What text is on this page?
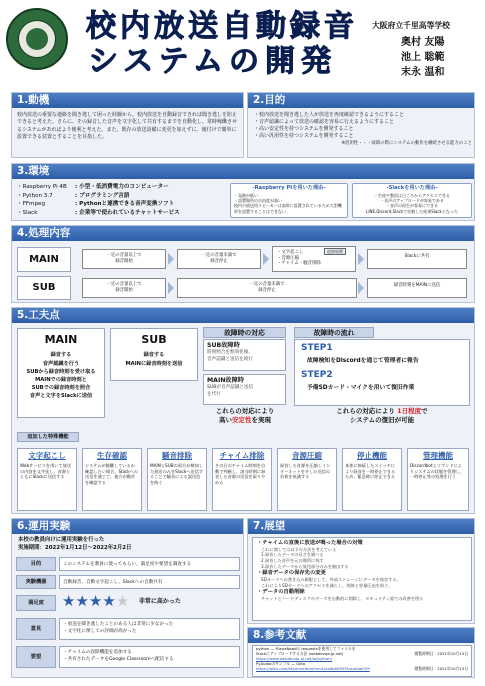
校内放送自動録音
システムの開発
大阪府立千里高等学校
奥村 友陽
池上 聡範
末永 温和
1.動機
校内放送の重要な連絡を聞き逃して困った経験から、校内放送を自動録音できれば聞き逃しを防止できると考えた。さらに、その録音した音声を文字化して共有するまでを自動化し、常時稼働させるシステムがあればより便利と考えた。また、既存の放送設備に変更を加えずに、後付けで簡単に設置できる装置とすることを目指した。
2.目的
・校内放送を聞き逃した人が放送を再度確認できるようにすること
・音声認識によって放送の確認を容易に行えるようにすること
・高い安定性を持つシステムを開発すること
・高い汎用性を持つシステムを開発すること
※汎用性・・・故障の際にシステムの動作を継続させる能力のこと
3.環境
・Raspberry Pi 4B : 小型・低消費電力のコンピューター
・Python 3.7	: プログラミング言語
・FFmpeg	: Pythonと連携できる音声変換ソフト
・Slack	: 企業等で使われているチャットサービス
-Raspberry PIを用いた理由-
・発熱が低い
・設置場所の自由度が高い
校内の放送用スピーカーは高所に設置されているため大型機材を設置することはできない
-Slackを用いた理由-
・生徒や教員は日ごろからアクセスできる
・音声のアップロードが容易である
・音声の再生が容易にできる
LINE,Discord,Slackで比較した結果Slackとなった
4.処理内容
MAIN
SUB
一定の音量以上で
録音開始
一定の音量未満で
録音停止
・文字起こし
・音源圧縮
・チャイム・騒音排除
追加処理
Slackに共有
一定の音量以上で
録音開始
一定の音量未満で
録音停止
録音時刻をMAINに送信
5.工夫点
MAIN
録音する
音声認識を行う
SUBから録音時刻を受け取る
MAINでの録音時刻と
SUBでの録音時刻を照合
音声と文字をSlackに送信
SUB
録音する
MAINに録音時刻を送信
故障時の対応
SUB故障時
時刻照合を無効化後、
音声認識と送信を続行
MAIN故障時
SUBが音声認識と送信
を代行
これらの対応により
高い安定性を実現
故障時の流れ
STEP1
故障検知をDiscordを通じて管理者に報告
STEP2
予備SDカード・マイクを用いて復旧作業
これらの対応により 1日程度で
システムの復旧が可能
追加した特殊機能
文字起こし
Webサービスを用いて放送の内容を文字化し、音源とともにSlackに送信する
生存確認
システムが稼働しているか確認したい場合、Slackへの送信を通じて、他方が動作を確認する
騒音排除
MAINとSUBの両方が検知した放送のみをSlackへ送信することで騒音による誤送信を防ぐ
チャイム排除
その日のチャイム時刻を自動で判断し、該当時刻に録音した音源の送信を取りやめる
音源圧縮
録音した音源を圧縮しインターネットを介した送信の負荷を低減する
停止機能
本体に接続したスイッチにより録音を一時停止できるため、緊急時に停止できる
管理機能
Discordbotとコマンドによりシステムの状態を管理し、一時停止等の処理を行う
6.運用実験
本校の教員向けに運用実験を行った
実施期間：2022年1月12日～2022年2月2日
目的	このシステムを教員に使ってもらい、満足度や要望を調査する
実験機器	自動録音、自動文字起こし、Slackへの自動共有
満足度	★★★★★ 非常に高かった
意見
・放送を聞き逃したことのある人は非常に少なかった
・文字化に関しての評価が高かった
要望
・チャイムの誤除機能を追加する
・共有されたデータをGoogle Classroomへ配信する
7.展望
・チャイムの直後に放送が鳴った場合の対策
これに関しては以下の方法を考えている
1.録音したデータの長さを調べる
2.録音した音声を元の場所に残す
3.録音したデータから放送部分のみを抽出する
・録音データの保存先の変更
SDカードへの書き込み制限として、外部ストレージにデータを保存する。
これによりSDカードへのアクセスを減らし、故障と容量圧迫を防ぐ。
・データの自動削除
チャットとハードディスクのデータを自動的に削除し、セキュリティ面での改善を図る
8.参考文献
python — FileuaNaadiとrequestsを使用してファイルを
Slackにアップロードする方法 (webdevqa.jp.net)	閲覧時期日：2021年10月13日
https://www.webdevqa.jp.net/ja/python/
PyAudioのサンプル — Qiita
https://qiita.com/kkyamaifaro/items/4ddbfdf95f3dca9aaf2f9	閲覧時期日：2021年10月13日
